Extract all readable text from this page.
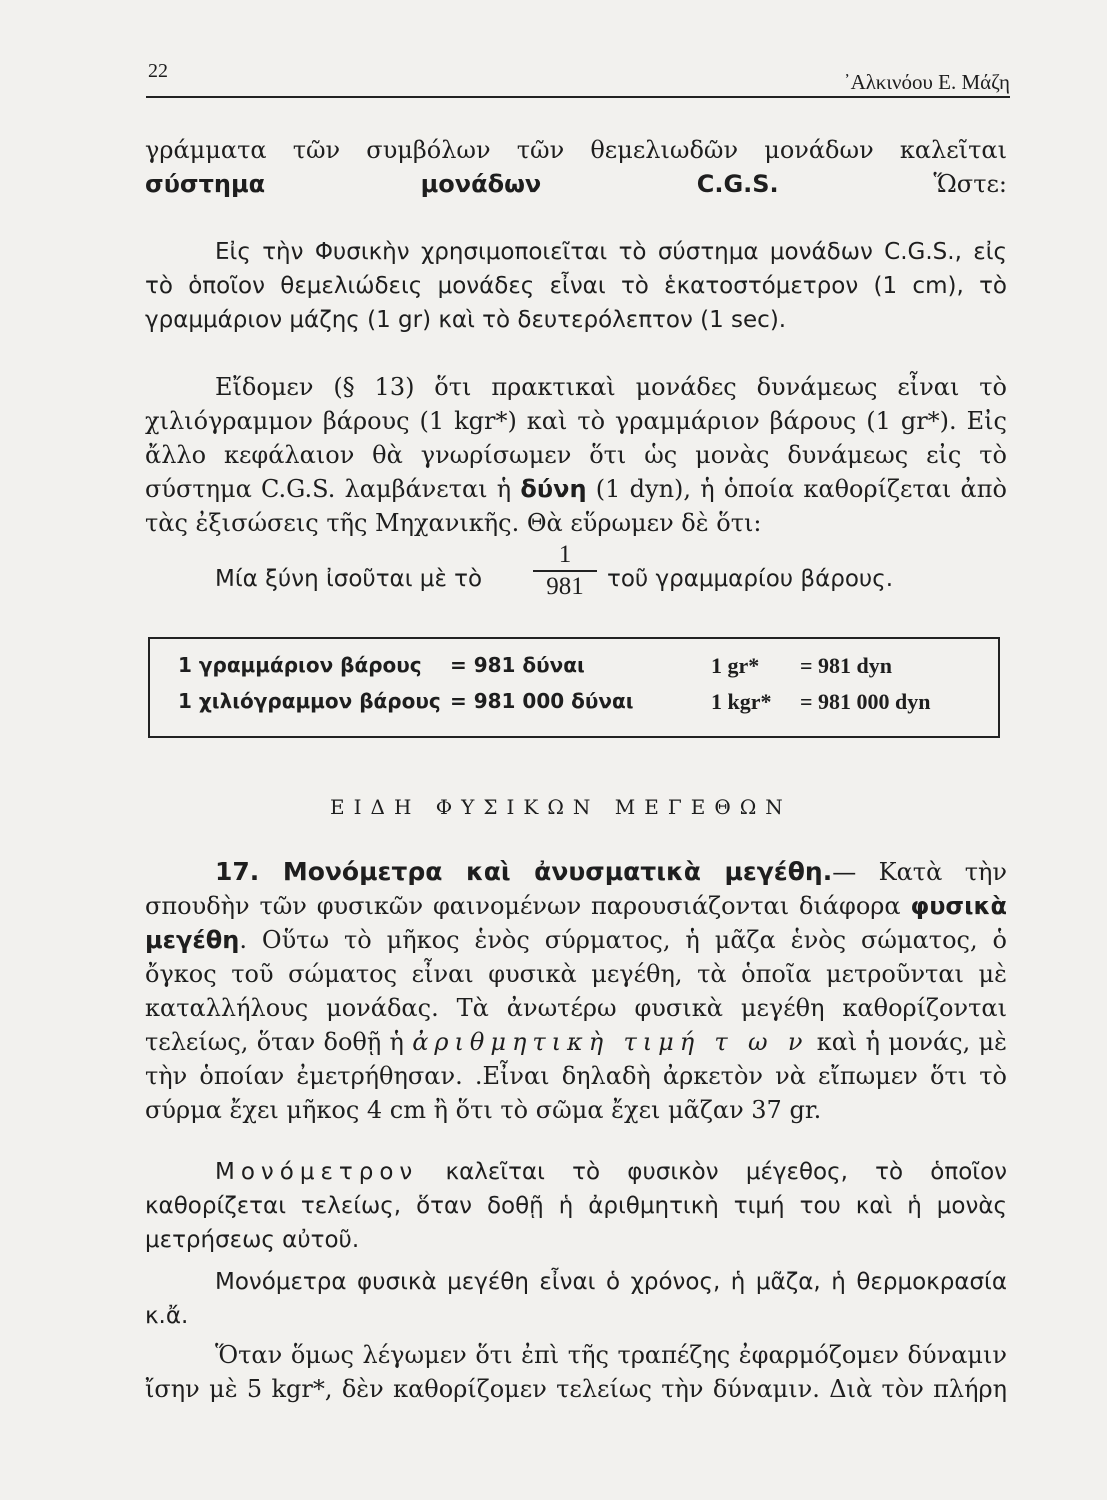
22	᾿Αλκινόου Ε. Μάζη

γράμματα τῶν συμβόλων τῶν θεμελιωδῶν μονάδων καλεῖται σύστημα μονάδων C.G.S. Ὥστε:

Εἰς τὴν Φυσικὴν χρησιμοποιεῖται τὸ σύστημα μονάδων C.G.S., εἰς τὸ ὁποῖον θεμελιώδεις μονάδες εἶναι τὸ ἑκατοστόμετρον (1 cm), τὸ γραμμάριον μάζης (1 gr) καὶ τὸ δευτερόλεπτον (1 sec).

Εἴδομεν (§ 13) ὅτι πρακτικαὶ μονάδες δυνάμεως εἶναι τὸ χιλιόγραμμον βάρους (1 kgr*) καὶ τὸ γραμμάριον βάρους (1 gr*). Εἰς ἄλλο κεφάλαιον θὰ γνωρίσωμεν ὅτι ὡς μονὰς δυνάμεως εἰς τὸ σύστημα C.G.S. λαμβάνεται ἡ δύνη (1 dyn), ἡ ὁποία καθορίζεται ἀπὸ τὰς ἐξισώσεις τῆς Μηχανικῆς. Θὰ εὕρωμεν δὲ ὅτι:

Μία ξύνη ἰσοῦται μὲ τὸ $\frac{1}{981}$ τοῦ γραμμαρίου βάρους.
1 γραμμάριον βάρους = 981 δύναι	1 gr* = 981 dyn
1 χιλιόγραμμον βάρους = 981 000 δύναι	1 kgr* = 981 000 dyn
ΕΙΔΗ ΦΥΣΙΚΩΝ ΜΕΓΕΘΩΝ

17. Μονόμετρα καὶ ἀνυσματικὰ μεγέθη.— Κατὰ τὴν σπουδὴν τῶν φυσικῶν φαινομένων παρουσιάζονται διάφορα φυσικὰ μεγέθη. Οὕτω τὸ μῆκος ἑνὸς σύρματος, ἡ μᾶζα ἑνὸς σώματος, ὁ ὄγκος τοῦ σώματος εἶναι φυσικὰ μεγέθη, τὰ ὁποῖα μετροῦνται μὲ καταλλήλους μονάδας. Τὰ ἀνωτέρω φυσικὰ μεγέθη καθορίζονται τελείως, ὅταν δοθῇ ἡ ἀριθμητικὴ τιμή τ ω ν καὶ ἡ μονάς, μὲ τὴν ὁποίαν ἐμετρήθησαν. .Εἶναι δηλαδὴ ἀρκετὸν νὰ εἴπωμεν ὅτι τὸ σύρμα ἔχει μῆκος 4 cm ἢ ὅτι τὸ σῶμα ἔχει μᾶζαν 37 gr.

Μονόμετρον καλεῖται τὸ φυσικὸν μέγεθος, τὸ ὁποῖον καθορίζεται τελείως, ὅταν δοθῇ ἡ ἀριθμητικὴ τιμή του καὶ ἡ μονὰς μετρήσεως αὐτοῦ.

Μονόμετρα φυσικὰ μεγέθη εἶναι ὁ χρόνος, ἡ μᾶζα, ἡ θερμοκρασία κ.ἄ.

Ὅταν ὅμως λέγωμεν ὅτι ἐπὶ τῆς τραπέζης ἐφαρμόζομεν δύναμιν ἴσην μὲ 5 kgr*, δὲν καθορίζομεν τελείως τὴν δύναμιν. Διὰ τὸν πλήρη
